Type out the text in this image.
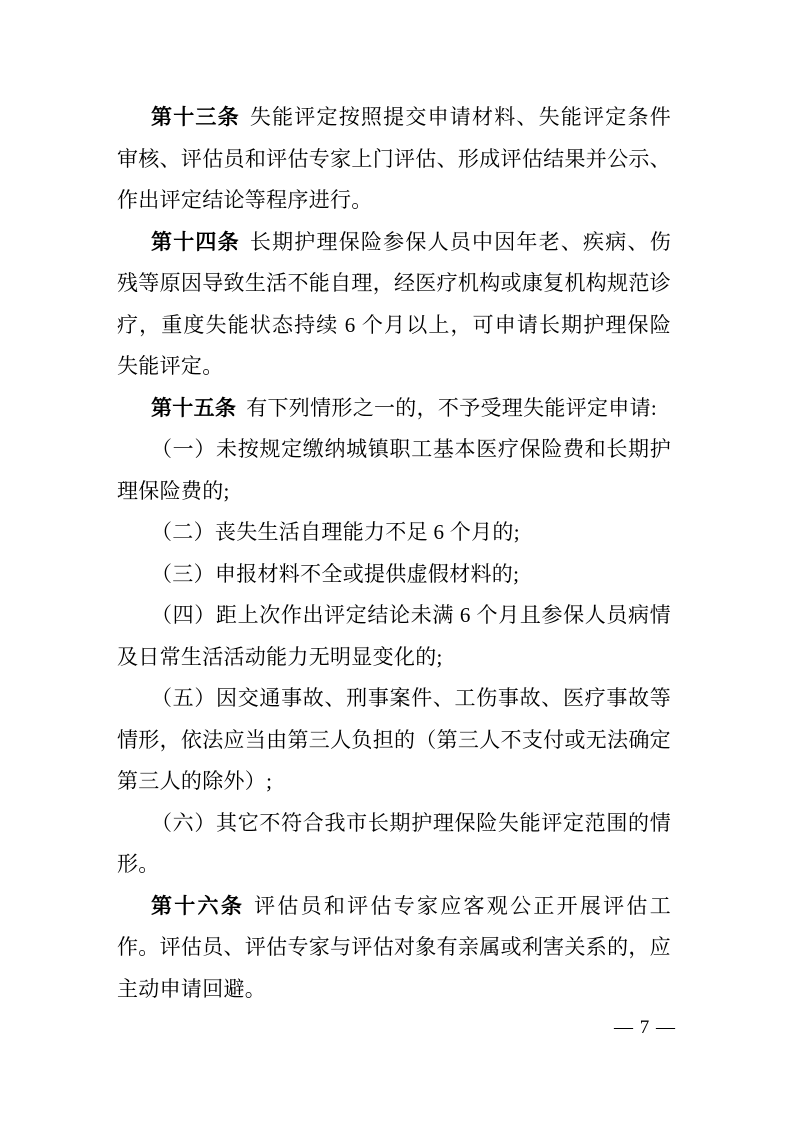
第十三条 失能评定按照提交申请材料、失能评定条件审核、评估员和评估专家上门评估、形成评估结果并公示、作出评定结论等程序进行。

第十四条 长期护理保险参保人员中因年老、疾病、伤残等原因导致生活不能自理，经医疗机构或康复机构规范诊疗，重度失能状态持续 6 个月以上，可申请长期护理保险失能评定。

第十五条 有下列情形之一的，不予受理失能评定申请:

（一）未按规定缴纳城镇职工基本医疗保险费和长期护理保险费的;

（二）丧失生活自理能力不足 6 个月的;

（三）申报材料不全或提供虚假材料的;

（四）距上次作出评定结论未满 6 个月且参保人员病情及日常生活活动能力无明显变化的;

（五）因交通事故、刑事案件、工伤事故、医疗事故等情形，依法应当由第三人负担的（第三人不支付或无法确定第三人的除外）;

（六）其它不符合我市长期护理保险失能评定范围的情形。

第十六条 评估员和评估专家应客观公正开展评估工作。评估员、评估专家与评估对象有亲属或利害关系的，应主动申请回避。

— 7 —
